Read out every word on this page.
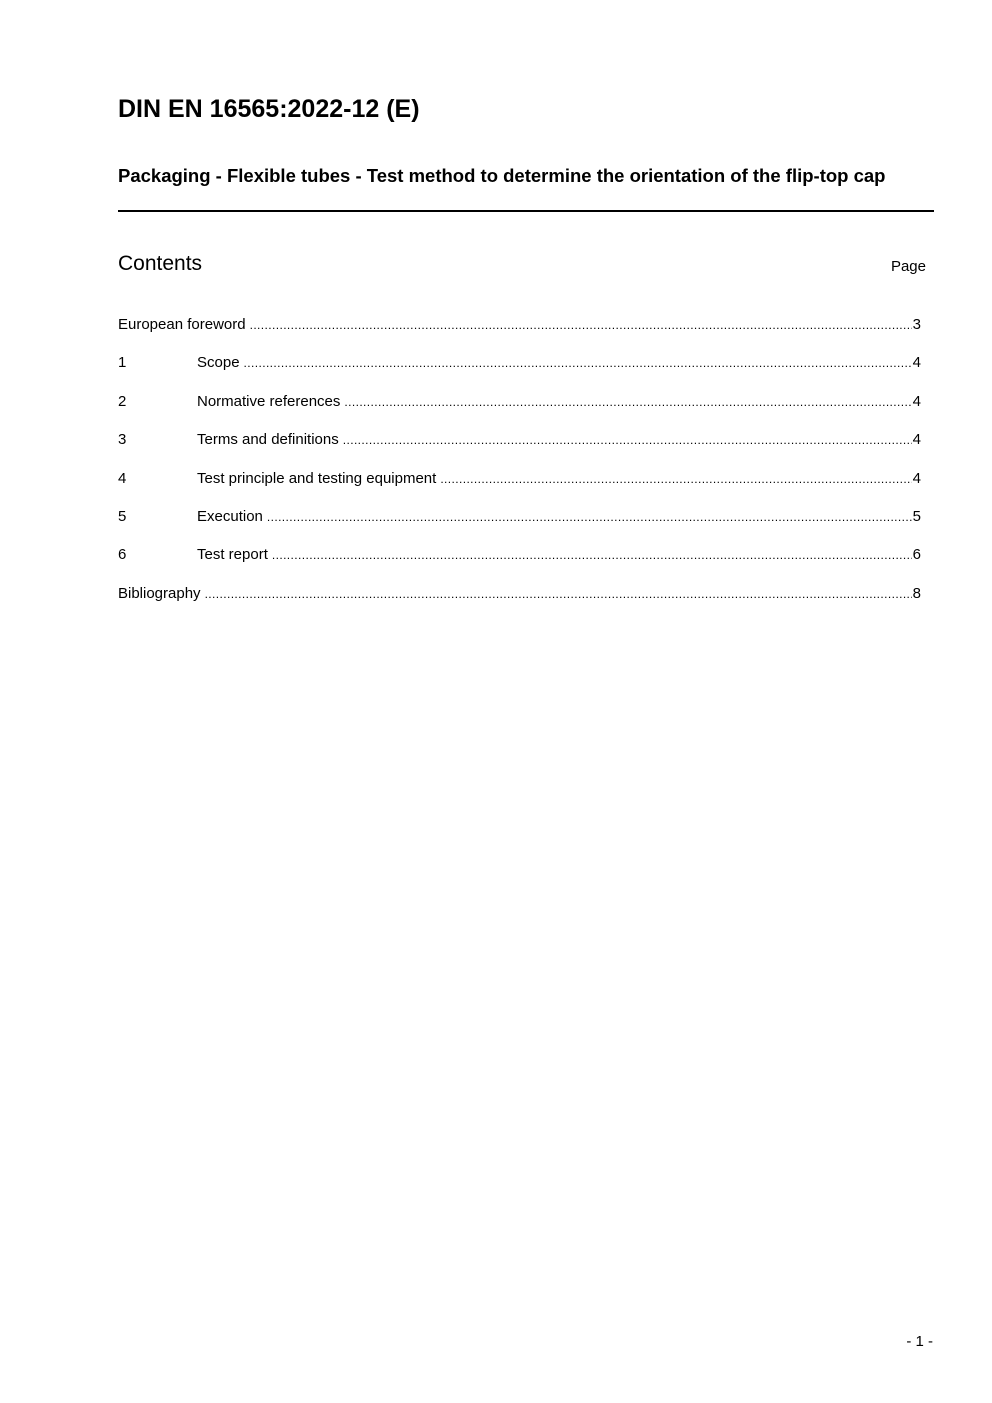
DIN EN 16565:2022-12 (E)
Packaging - Flexible tubes - Test method to determine the orientation of the flip-top cap
Contents	Page
European foreword .....	3
1	Scope .....	4
2	Normative references .....	4
3	Terms and definitions .....	4
4	Test principle and testing equipment .....	4
5	Execution .....	5
6	Test report .....	6
Bibliography .....	8
- 1 -
